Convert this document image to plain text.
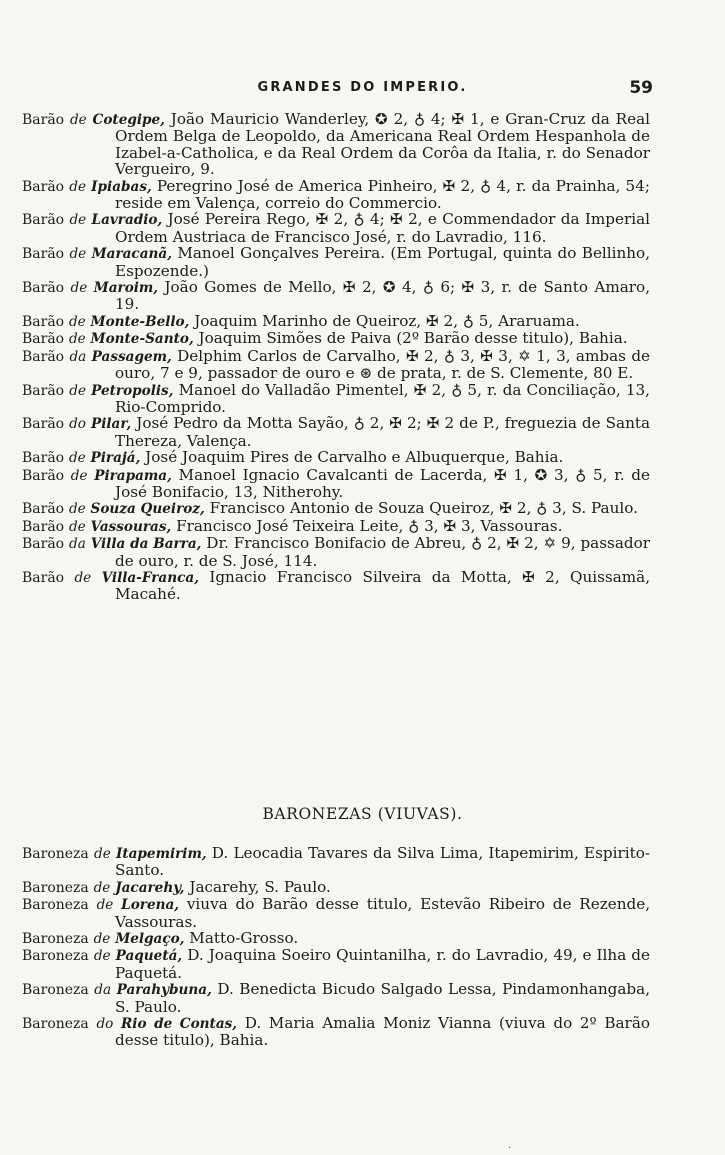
GRANDES DO IMPERIO.	59
Barão de Cotegipe, João Mauricio Wanderley, ✪ 2, ♁ 4; ✠ 1, e Gran-Cruz da Real Ordem Belga de Leopoldo, da Americana Real Ordem Hespanhola de Izabel-a-Catholica, e da Real Ordem da Corôa da Italia, r. do Senador Vergueiro, 9.
Barão de Ipiabas, Peregrino José de America Pinheiro, ✠ 2, ♁ 4, r. da Prainha, 54; reside em Valença, correio do Commercio.
Barão de Lavradio, José Pereira Rego, ✠ 2, ♁ 4; ✠ 2, e Commendador da Imperial Ordem Austriaca de Francisco José, r. do Lavradio, 116.
Barão de Maracanã, Manoel Gonçalves Pereira. (Em Portugal, quinta do Bellinho, Espozende.)
Barão de Maroim, João Gomes de Mello, ✠ 2, ✪ 4, ♁ 6; ✠ 3, r. de Santo Amaro, 19.
Barão de Monte-Bello, Joaquim Marinho de Queiroz, ✠ 2, ♁ 5, Araruama.
Barão de Monte-Santo, Joaquim Simões de Paiva (2º Barão desse titulo), Bahia.
Barão da Passagem, Delphim Carlos de Carvalho, ✠ 2, ♁ 3, ✠ 3, ✡ 1, 3, ambas de ouro, 7 e 9, passador de ouro e ⊛ de prata, r. de S. Clemente, 80 E.
Barão de Petropolis, Manoel do Valladão Pimentel, ✠ 2, ♁ 5, r. da Conciliação, 13, Rio-Comprido.
Barão do Pilar, José Pedro da Motta Sayão, ♁ 2, ✠ 2; ✠ 2 de P., freguezia de Santa Thereza, Valença.
Barão de Pirajá, José Joaquim Pires de Carvalho e Albuquerque, Bahia.
Barão de Pirapama, Manoel Ignacio Cavalcanti de Lacerda, ✠ 1, ✪ 3, ♁ 5, r. de José Bonifacio, 13, Nitherohy.
Barão de Souza Queiroz, Francisco Antonio de Souza Queiroz, ✠ 2, ♁ 3, S. Paulo.
Barão de Vassouras, Francisco José Teixeira Leite, ♁ 3, ✠ 3, Vassouras.
Barão da Villa da Barra, Dr. Francisco Bonifacio de Abreu, ♁ 2, ✠ 2, ✡ 9, passador de ouro, r. de S. José, 114.
Barão de Villa-Franca, Ignacio Francisco Silveira da Motta, ✠ 2, Quissamã, Macahé.
BARONEZAS (VIUVAS).
Baroneza de Itapemirim, D. Leocadia Tavares da Silva Lima, Itapemirim, Espirito-Santo.
Baroneza de Jacarehy, Jacarehy, S. Paulo.
Baroneza de Lorena, viuva do Barão desse titulo, Estevão Ribeiro de Rezende, Vassouras.
Baroneza de Melgaço, Matto-Grosso.
Baroneza de Paquetá, D. Joaquina Soeiro Quintanilha, r. do Lavradio, 49, e Ilha de Paquetá.
Baroneza da Parahybuna, D. Benedicta Bicudo Salgado Lessa, Pindamonhangaba, S. Paulo.
Baroneza do Rio de Contas, D. Maria Amalia Moniz Vianna (viuva do 2º Barão desse titulo), Bahia.
·
